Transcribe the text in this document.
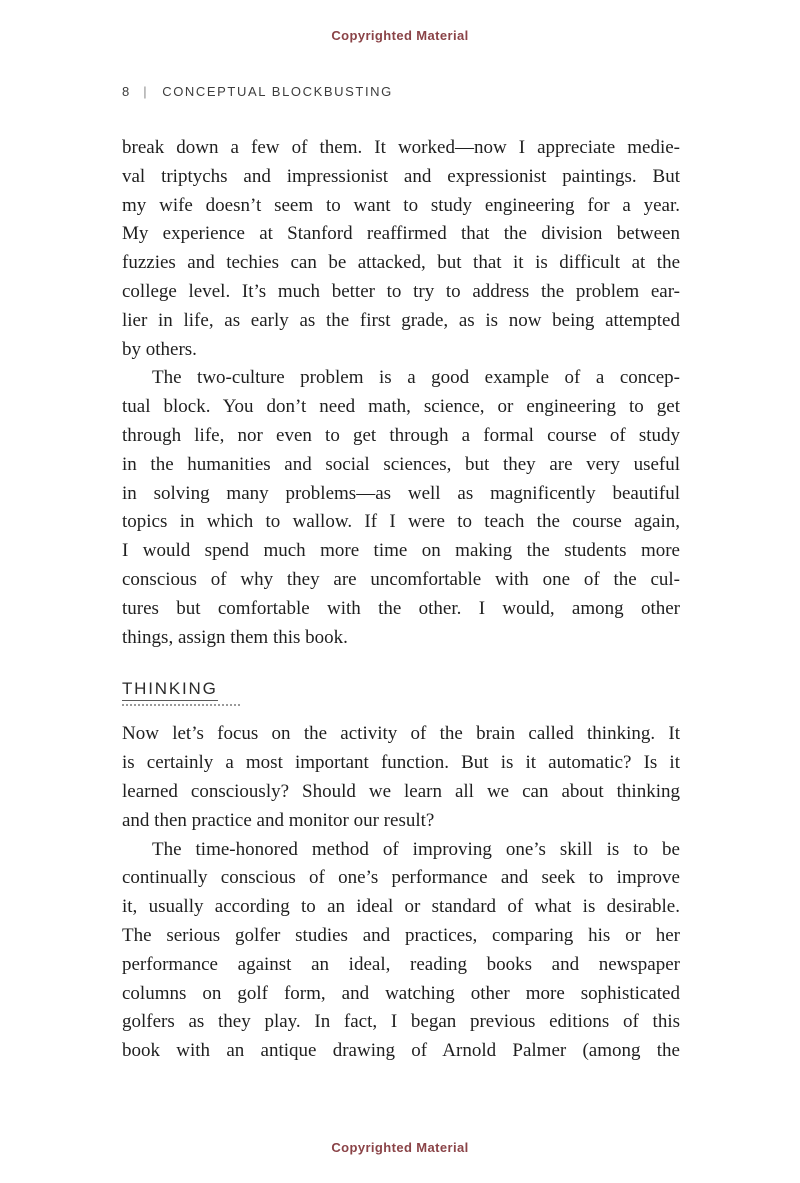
Copyrighted Material
8 | CONCEPTUAL BLOCKBUSTING

break down a few of them. It worked—now I appreciate medie-
val triptychs and impressionist and expressionist paintings. But
my wife doesn’t seem to want to study engineering for a year.
My experience at Stanford reaffirmed that the division between
fuzzies and techies can be attacked, but that it is difficult at the
college level. It’s much better to try to address the problem ear-
lier in life, as early as the first grade, as is now being attempted
by others.

The two-culture problem is a good example of a concep-
tual block. You don’t need math, science, or engineering to get
through life, nor even to get through a formal course of study
in the humanities and social sciences, but they are very useful
in solving many problems—as well as magnificently beautiful
topics in which to wallow. If I were to teach the course again,
I would spend much more time on making the students more
conscious of why they are uncomfortable with one of the cul-
tures but comfortable with the other. I would, among other
things, assign them this book.

THINKING

Now let’s focus on the activity of the brain called thinking. It
is certainly a most important function. But is it automatic? Is it
learned consciously? Should we learn all we can about thinking
and then practice and monitor our result?

The time-honored method of improving one’s skill is to be
continually conscious of one’s performance and seek to improve
it, usually according to an ideal or standard of what is desirable.
The serious golfer studies and practices, comparing his or her
performance against an ideal, reading books and newspaper
columns on golf form, and watching other more sophisticated
golfers as they play. In fact, I began previous editions of this
book with an antique drawing of Arnold Palmer (among the

Copyrighted Material
